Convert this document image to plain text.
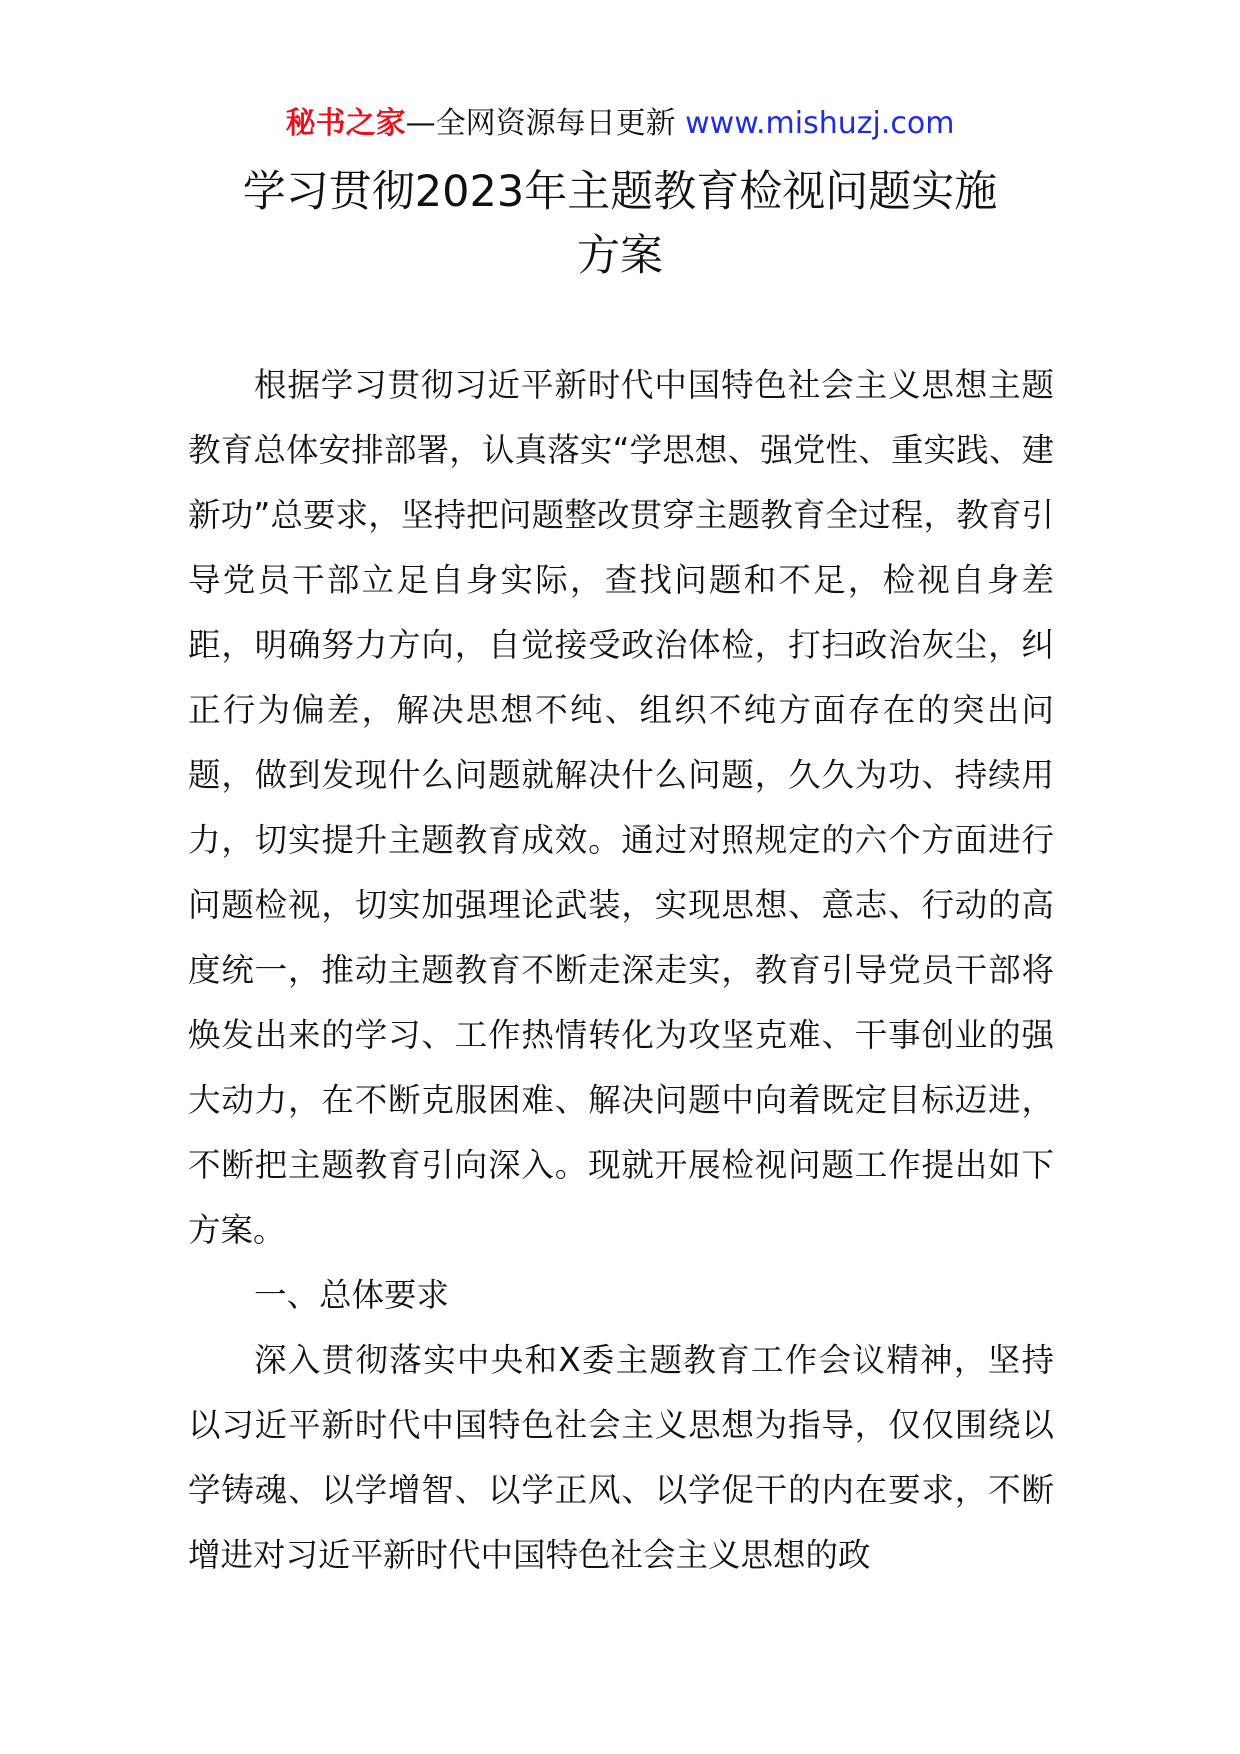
秘书之家—全网资源每日更新 www.mishuzj.com
学习贯彻2023年主题教育检视问题实施
方案

根据学习贯彻习近平新时代中国特色社会主义思想主题教育总体安排部署，认真落实“学思想、强党性、重实践、建新功”总要求，坚持把问题整改贯穿主题教育全过程，教育引导党员干部立足自身实际，查找问题和不足，检视自身差距，明确努力方向，自觉接受政治体检，打扫政治灰尘，纠正行为偏差，解决思想不纯、组织不纯方面存在的突出问题，做到发现什么问题就解决什么问题，久久为功、持续用力，切实提升主题教育成效。通过对照规定的六个方面进行问题检视，切实加强理论武装，实现思想、意志、行动的高度统一，推动主题教育不断走深走实，教育引导党员干部将焕发出来的学习、工作热情转化为攻坚克难、干事创业的强大动力，在不断克服困难、解决问题中向着既定目标迈进，不断把主题教育引向深入。现就开展检视问题工作提出如下方案。

一、总体要求

深入贯彻落实中央和X委主题教育工作会议精神，坚持以习近平新时代中国特色社会主义思想为指导，仅仅围绕以学铸魂、以学增智、以学正风、以学促干的内在要求，不断增进对习近平新时代中国特色社会主义思想的政
